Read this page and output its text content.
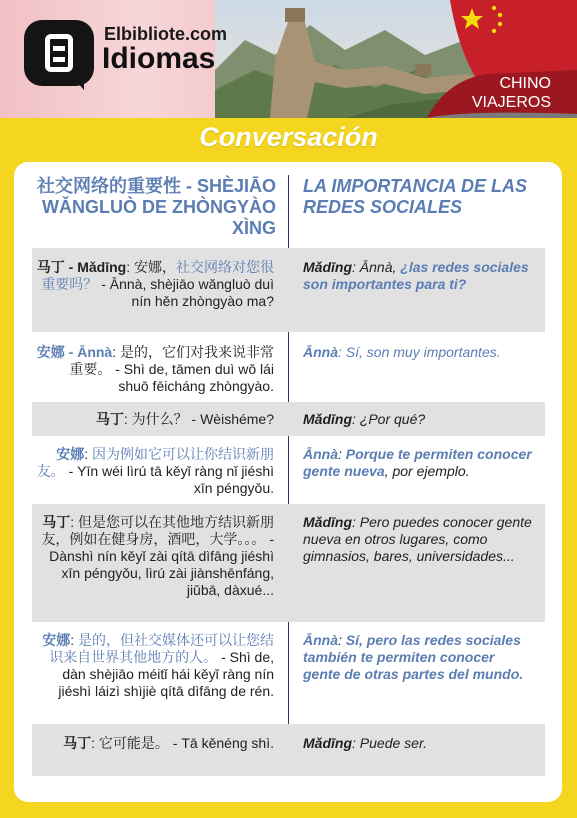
Elbibliote.com
Idiomas
CHINO
VIAJEROS
Conversación
社交网络的重要性 - SHÈJIĀO WǍNGLUÒ DE ZHÒNGYÀO XÌNG
LA IMPORTANCIA DE LAS REDES SOCIALES
马丁 - Mǎdīng: 安娜，社交网络对您很重要吗？ - Ānnà, shèjiāo wǎngluò duì nín hěn zhòngyào ma?
Mǎdīng: Ānnà, ¿las redes sociales son importantes para ti?
安娜 - Ānnà: 是的，它们对我来说非常重要。 - Shì de, tāmen duì wǒ lái shuō fēicháng zhòngyào.
Ānnà: Sí, son muy importantes.
马丁: 为什么？ - Wèishéme? Mǎdīng: ¿Por qué?
安娜: 因为例如它可以让你结识新朋友。 - Yīn wéi lìrú tā kěyǐ ràng nǐ jiéshì xīn péngyǒu.
Ānnà: Porque te permiten conocer gente nueva, por ejemplo.
马丁: 但是您可以在其他地方结识新朋友，例如在健身房，酒吧，大学。。。 - Dànshì nín kěyǐ zài qítā dìfāng jiéshì xīn péngyǒu, lìrú zài jiànshēnfáng, jiǔbā, dàxué...
Mǎdīng: Pero puedes conocer gente nueva en otros lugares, como gimnasios, bares, universidades...
安娜: 是的，但社交媒体还可以让您结识来自世界其他地方的人。 - Shì de, dàn shèjiāo méitǐ hái kěyǐ ràng nín jiéshì láizì shìjiè qítā dìfāng de rén.
Ānnà: Sí, pero las redes sociales también te permiten conocer gente de otras partes del mundo.
马丁: 它可能是。 - Tā kěnéng shì. Mǎdīng: Puede ser.
